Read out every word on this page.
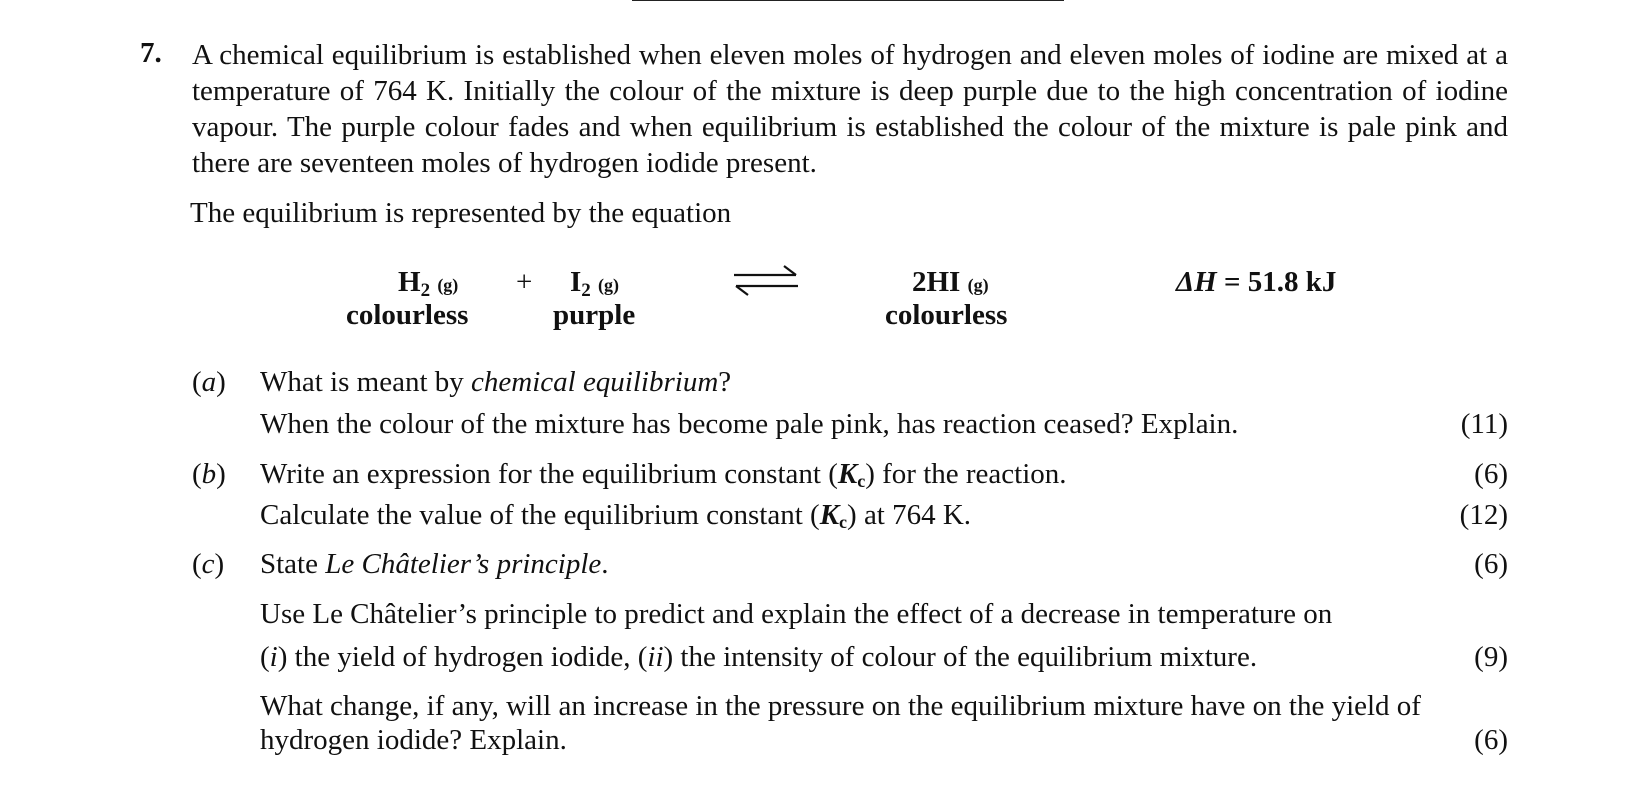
7. A chemical equilibrium is established when eleven moles of hydrogen and eleven moles of iodine are mixed at a temperature of 764 K. Initially the colour of the mixture is deep purple due to the high concentration of iodine vapour. The purple colour fades and when equilibrium is established the colour of the mixture is pale pink and there are seventeen moles of hydrogen iodide present.
The equilibrium is represented by the equation
$H_2$ (g)
colourless
+ $I_2$ (g)
purple
2HI (g)
colourless
ΔH = 51.8 kJ
(a) What is meant by chemical equilibrium?
When the colour of the mixture has become pale pink, has reaction ceased? Explain.	(11)
(b) Write an expression for the equilibrium constant (Kc) for the reaction.	(6)
Calculate the value of the equilibrium constant (Kc) at 764 K.	(12)
(c) State Le Châtelier’s principle.	(6)
Use Le Châtelier’s principle to predict and explain the effect of a decrease in temperature on
(i) the yield of hydrogen iodide, (ii) the intensity of colour of the equilibrium mixture.	(9)
What change, if any, will an increase in the pressure on the equilibrium mixture have on the yield of
hydrogen iodide? Explain.	(6)
